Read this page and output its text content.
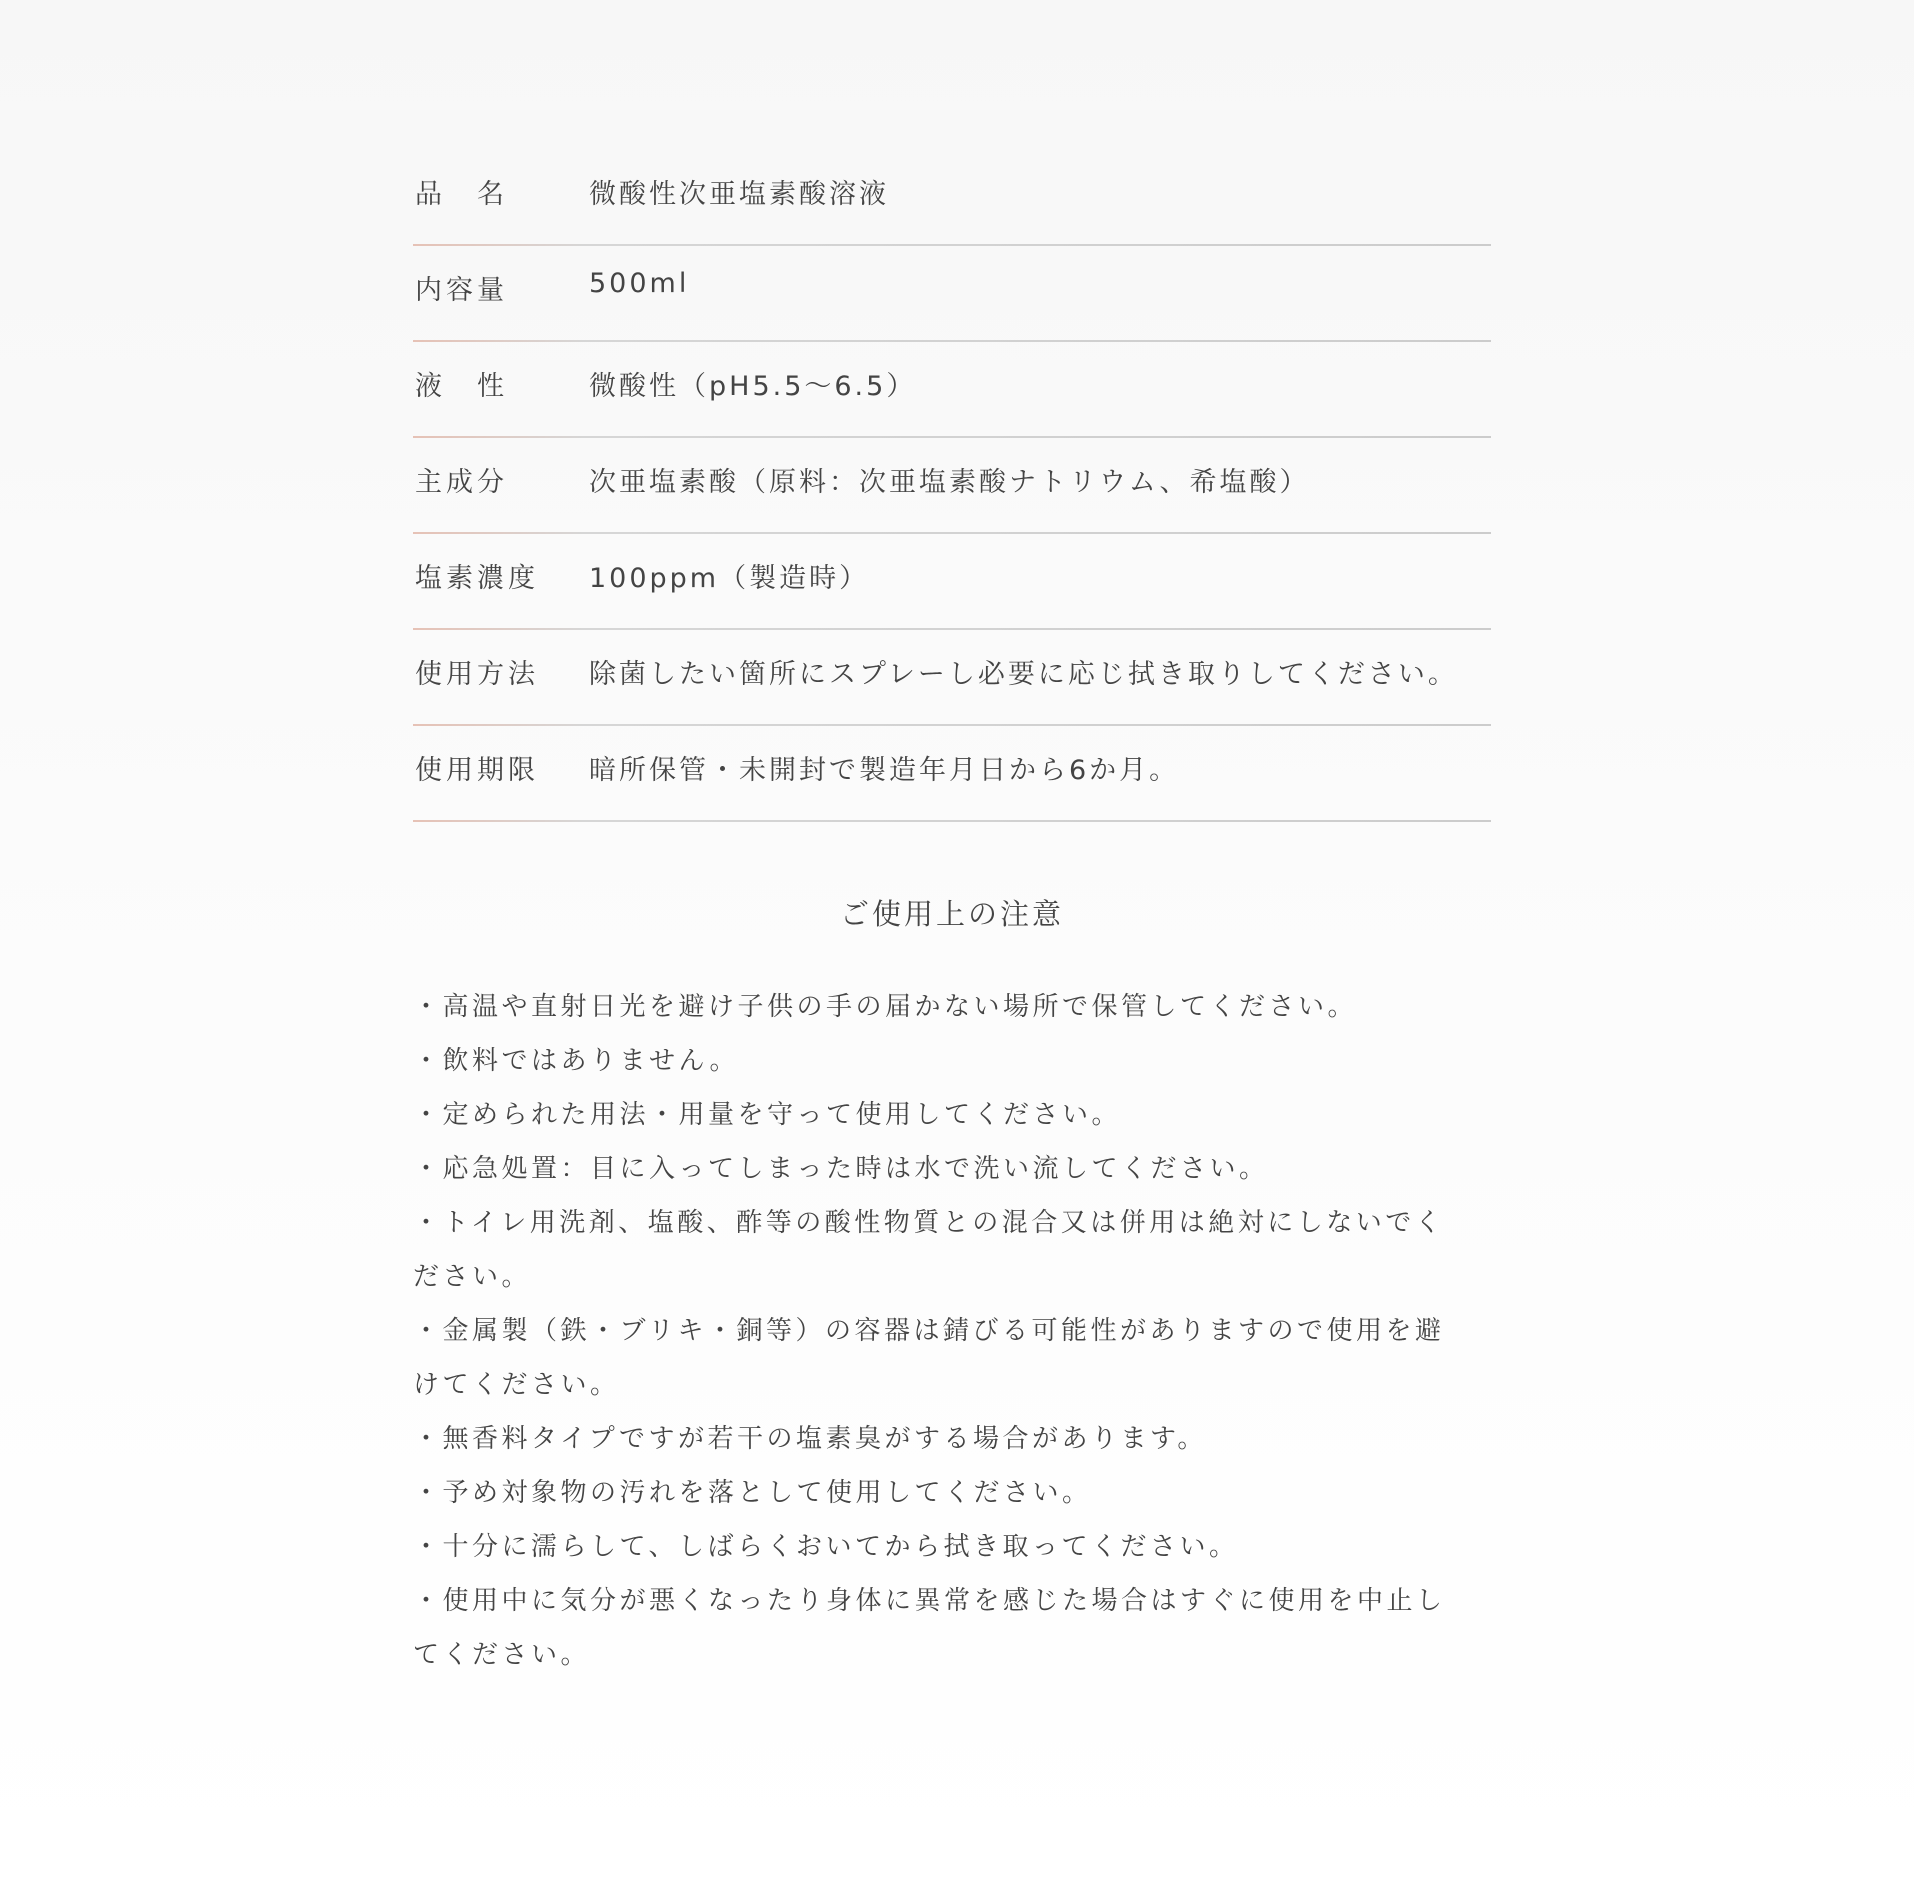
品　名	微酸性次亜塩素酸溶液
内容量	500ml
液　性	微酸性（pH5.5～6.5）
主成分	次亜塩素酸（原料：次亜塩素酸ナトリウム、希塩酸）
塩素濃度 100ppm（製造時）
使用方法 除菌したい箇所にスプレーし必要に応じ拭き取りしてください。
使用期限 暗所保管・未開封で製造年月日から6か月。
ご使用上の注意
・高温や直射日光を避け子供の手の届かない場所で保管してください。
・飲料ではありません。
・定められた用法・用量を守って使用してください。
・応急処置：目に入ってしまった時は水で洗い流してください。
・トイレ用洗剤、塩酸、酢等の酸性物質との混合又は併用は絶対にしないでください。
・金属製（鉄・ブリキ・銅等）の容器は錆びる可能性がありますので使用を避けてください。
・無香料タイプですが若干の塩素臭がする場合があります。
・予め対象物の汚れを落として使用してください。
・十分に濡らして、しばらくおいてから拭き取ってください。
・使用中に気分が悪くなったり身体に異常を感じた場合はすぐに使用を中止してください。
